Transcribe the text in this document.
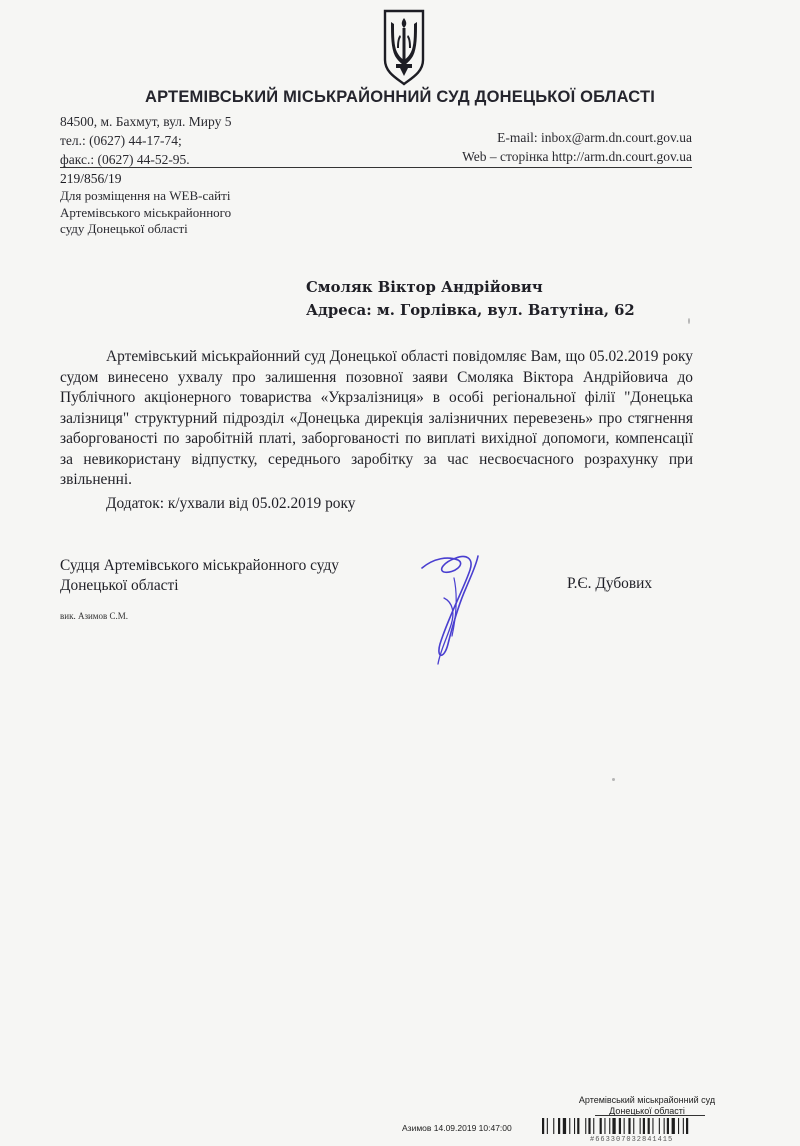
АРТЕМІВСЬКИЙ МІСЬКРАЙОННИЙ СУД ДОНЕЦЬКОЇ ОБЛАСТІ
84500, м. Бахмут, вул. Миру 5
тел.: (0627) 44-17-74;
факс.: (0627) 44-52-95.
E-mail: inbox@arm.dn.court.gov.ua
Web – сторінка http://arm.dn.court.gov.ua
219/856/19
Для розміщення на WEB-сайті
Артемівського міськрайонного
суду Донецької області
Смоляк Віктор Андрійович
Адреса: м. Горлівка, вул. Ватутіна, 62
Артемівський міськрайонний суд Донецької області повідомляє Вам, що 05.02.2019 року судом винесено ухвалу про залишення позовної заяви Смоляка Віктора Андрійовича до Публічного акціонерного товариства «Укрзалізниця» в особі регіональної філії "Донецька залізниця" структурний підрозділ «Донецька дирекція залізничних перевезень» про стягнення заборгованості по заробітній платі, заборгованості по виплаті вихідної допомоги, компенсації за невикористану відпустку, середнього заробітку за час несвоєчасного розрахунку при звільненні.
Додаток: к/ухвали від 05.02.2019 року
Судця Артемівського міськрайонного суду
Донецької області	Р.Є. Дубових
вик. Азимов С.М.
Артемівський міськрайонний суд
Донецької області
Азимов 14.09.2019 10:47:00
#663307032841415
